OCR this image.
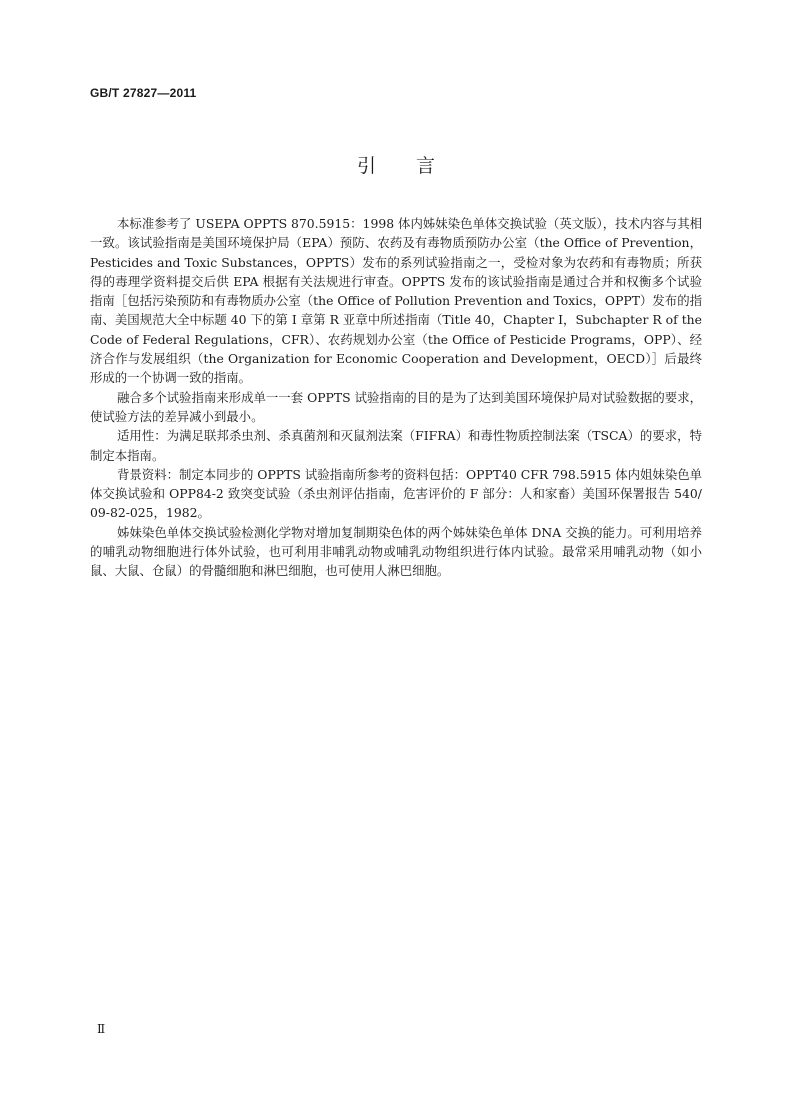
GB/T 27827—2011
引言

本标准参考了 USEPA OPPTS 870.5915：1998 体内姊妹染色单体交换试验（英文版），技术内容与其相一致。该试验指南是美国环境保护局（EPA）预防、农药及有毒物质预防办公室（the Office of Prevention，Pesticides and Toxic Substances，OPPTS）发布的系列试验指南之一，受检对象为农药和有毒物质；所获得的毒理学资料提交后供 EPA 根据有关法规进行审查。OPPTS 发布的该试验指南是通过合并和权衡多个试验指南［包括污染预防和有毒物质办公室（the Office of Pollution Prevention and Toxics，OPPT）发布的指南、美国规范大全中标题 40 下的第 I 章第 R 亚章中所述指南（Title 40，Chapter I，Subchapter R of the Code of Federal Regulations，CFR）、农药规划办公室（the Office of Pesticide Programs，OPP）、经济合作与发展组织（the Organization for Economic Cooperation and Development，OECD）］后最终形成的一个协调一致的指南。

融合多个试验指南来形成单一一套 OPPTS 试验指南的目的是为了达到美国环境保护局对试验数据的要求，使试验方法的差异减小到最小。

适用性：为满足联邦杀虫剂、杀真菌剂和灭鼠剂法案（FIFRA）和毒性物质控制法案（TSCA）的要求，特制定本指南。

背景资料：制定本同步的 OPPTS 试验指南所参考的资料包括：OPPT40 CFR 798.5915 体内姐妹染色单体交换试验和 OPP84-2 致突变试验（杀虫剂评估指南，危害评价的 F 部分：人和家畜）美国环保署报告 540/09-82-025，1982。

姊妹染色单体交换试验检测化学物对增加复制期染色体的两个姊妹染色单体 DNA 交换的能力。可利用培养的哺乳动物细胞进行体外试验，也可利用非哺乳动物或哺乳动物组织进行体内试验。最常采用哺乳动物（如小鼠、大鼠、仓鼠）的骨髓细胞和淋巴细胞，也可使用人淋巴细胞。

Ⅱ
